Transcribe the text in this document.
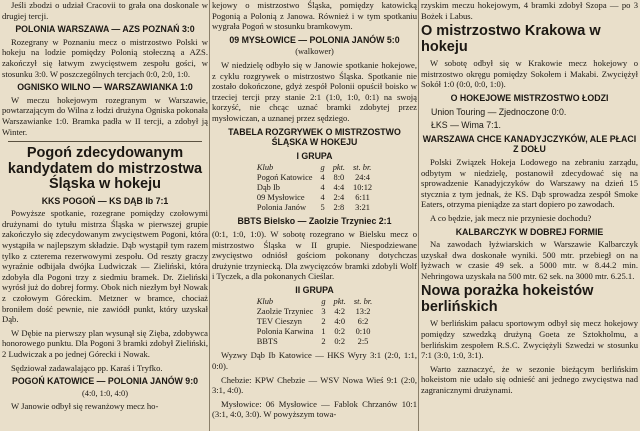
Jeśli zbodzi o udział Cracovii to grała ona doskonale w drugiej tercji.

POLONIA WARSZAWA — AZS POZNAŃ 3:0

Rozegrany w Poznaniu mecz o mistrzostwo Polski w hokeju na lodzie pomiędzy Polonią stołeczną a AZS. zakończył się łatwym zwycięstwem zespołu gości, w stosunku 3:0. W poszczególnych tercjach 0:0, 2:0, 1:0.

OGNISKO WILNO — WARSZAWIANKA 1:0

W meczu hokejowym rozegranym w Warszawie, powtarzającym do Wilna z łodzi drużyna Ogniska pokonała Warszawianke 1:0. Bramka padła w II tercji, a zdobył ją Winter.

Pogoń zdecydowanym kandydatem do mistrzostwa Śląska w hokeju
KKS POGOŃ — KS DĄB Ib 7:1

Powyższe spotkanie, rozegrane pomiędzy czołowymi drużynami do tytułu mistrza Śląska w pierwszej grupie zakończyło się zdecydowanym zwycięstwem Pogoni, która wystąpiła w najlepszym składzie. Dąb wystąpił tym razem tylko z czterema rezerwowymi zespołu. Od reszty graczy wyraźnie odbijała dwójka Ludwiczak — Zieliński, która zdobyła dla Pogoni trzy z siedmiu bramek. Dr. Zieliński wyrósł już do dobrej formy. Obok nich niezłym był Nowak z czołowym Góreckim. Metzner w bramce, chociaż broniłem dość pewnie, nie zawiódł punkt, który uzyskał Dąb.

W Dębie na pierwszy plan wysunął się Zięba, zdobywca honorowego punktu. Dla Pogoni 3 bramki zdobył Zieliński, 2 Ludwiczak a po jednej Górecki i Nowak.

Sędziował zadawalająco pp. Karaś i Tryfko.

POGOŃ KATOWICE — POLONIA JANÓW 9:0
(4:0, 1:0, 4:0)

W Janowie odbył się rewanżowy mecz ho-

kejowy o mistrzostwo Śląska, pomiędzy katowicką Pogonią a Polonią z Janowa. Również i w tym spotkaniu wygrała Pogoń w stosunku bramkowym.

09 MYSŁOWICE — POLONIA JANÓW 5:0
(walkower)

W niedzielę odbyło się w Janowie spotkanie hokejowe, z cyklu rozgrywek o mistrzostwo Śląska. Spotkanie nie zostało dokończone, gdyż zespół Polonii opuścił boisko w trzeciej tercji przy stanie 2:1 (1:0, 1:0, 0:1) na swoją korzyść, nie chcąc uznać bramki zdobytej przez mysłowiczan, a uznanej przez sędziego.

TABELA ROZGRYWEK O MISTRZOSTWO ŚLĄSKA W HOKEJU
I GRUPA
Klub	g	pkt.	st. br.
Pogoń Katowice	4	8:0	24:4
Dąb Ib	4	4:4	10:12
09 Mysłowice	4	2:4	6:11
Polonia Janów	5	2:8	3:21
BBTS Bielsko — Zaolzie Trzyniec 2:1

(0:1, 1:0, 1:0). W sobotę rozegrano w Bielsku mecz o mistrzostwo Śląska w II grupie. Niespodziewane zwycięstwo odniósł gościom pokonany dotychczas drużynie trzyniecką. Dla zwycięzców bramki zdobyli Wolf i Tyczek, a dla pokonanych Cieślar.

II GRUPA
Klub	g	pkt.	st. br.
Zaolzie Trzyniec	3	4:2	13:2
TEV Cieszyn	2	4:0	6:2
Polonia Karwina	1	0:2	0:10
BBTS	2	0:2	2:5

Wyzwy Dąb Ib Katowice — HKS Wyry 3:1 (2:0, 1:1, 0:0).

Chebzie: KPW Chebzie — WSV Nowa Wieś 9:1 (2:0, 3:1, 4:0).

Mysłowice: 06 Mysłowice — Fablok Chrzanów 10:1 (3:1, 4:0, 3:0). W powyższym towa-

rzyskim meczu hokejowym, 4 bramki zdobył Szopa — po 3 Bożek i Labus.

O mistrzostwo Krakowa w hokeju

W sobotę odbył się w Krakowie mecz hokejowy o mistrzostwo okręgu pomiędzy Sokołem i Makabi. Zwyciężył Sokół 1:0 (0:0, 0:0, 1:0).

O HOKEJOWE MISTRZOSTWO ŁODZI
Union Touring — Zjednoczone 0:0.
ŁKS — Wima 7:1.
WARSZAWA CHCE KANADYJCZYKÓW, ALE PŁACI Z DOŁU

Polski Związek Hokeja Lodowego na zebraniu zarządu, odbytym w niedzielę, postanowił zdecydować się na sprowadzenie Kanadyjczyków do Warszawy na dzień 15 stycznia z tym jednak, że KS. Dąb sprowadza zespół Smoke Eaters, otrzyma pieniądze za start dopiero po zawodach.

A co będzie, jak mecz nie przyniesie dochodu?

KALBARCZYK W DOBREJ FORMIE

Na zawodach łyżwiarskich w Warszawie Kalbarczyk uzyskał dwa doskonałe wyniki. 500 mtr. przebiegł on na łyżwach w czasie 49 sek. a 5000 mtr. w 8.44.2 min. Nehringowa uzyskała na 500 mtr. 62 sek. na 3000 mtr. 6.25.1.

Nowa porażka hokeistów berlińskich

W berlińskim pałacu sportowym odbył się mecz hokejowy pomiędzy szwedzką drużyną Goeta ze Sztokholmu, a berlińskim zespołem R.S.C. Zwyciężyli Szwedzi w stosunku 7:1 (3:0, 1:0, 3:1).

Warto zaznaczyć, że w sezonie bieżącym berlińskim hokeistom nie udało się odnieść ani jednego zwycięstwa nad zagranicznymi drużynami.
